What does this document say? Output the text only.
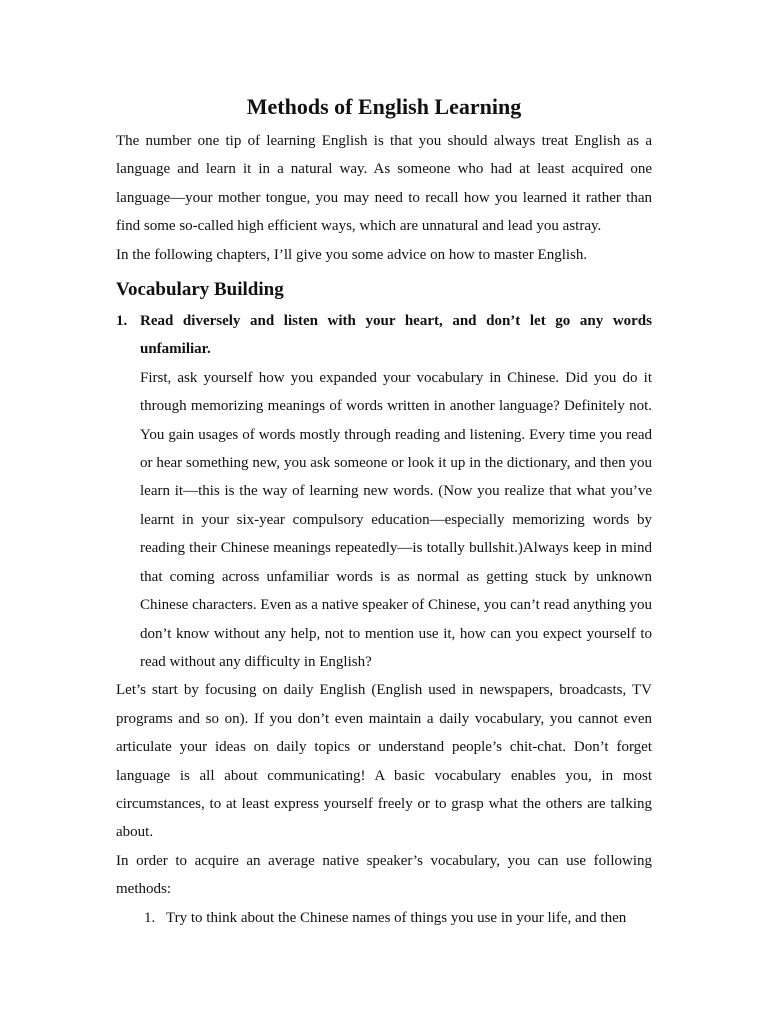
Methods of English Learning

The number one tip of learning English is that you should always treat English as a language and learn it in a natural way. As someone who had at least acquired one language—your mother tongue, you may need to recall how you learned it rather than find some so-called high efficient ways, which are unnatural and lead you astray.

In the following chapters, I’ll give you some advice on how to master English.

Vocabulary Building
1. Read diversely and listen with your heart, and don’t let go any words unfamiliar.

First, ask yourself how you expanded your vocabulary in Chinese. Did you do it through memorizing meanings of words written in another language? Definitely not. You gain usages of words mostly through reading and listening. Every time you read or hear something new, you ask someone or look it up in the dictionary, and then you learn it—this is the way of learning new words. (Now you realize that what you’ve learnt in your six-year compulsory education—especially memorizing words by reading their Chinese meanings repeatedly—is totally bullshit.)Always keep in mind that coming across unfamiliar words is as normal as getting stuck by unknown Chinese characters. Even as a native speaker of Chinese, you can’t read anything you don’t know without any help, not to mention use it, how can you expect yourself to read without any difficulty in English?

Let’s start by focusing on daily English (English used in newspapers, broadcasts, TV programs and so on). If you don’t even maintain a daily vocabulary, you cannot even articulate your ideas on daily topics or understand people’s chit-chat. Don’t forget language is all about communicating! A basic vocabulary enables you, in most circumstances, to at least express yourself freely or to grasp what the others are talking about.

In order to acquire an average native speaker’s vocabulary, you can use following methods:

1. Try to think about the Chinese names of things you use in your life, and then
